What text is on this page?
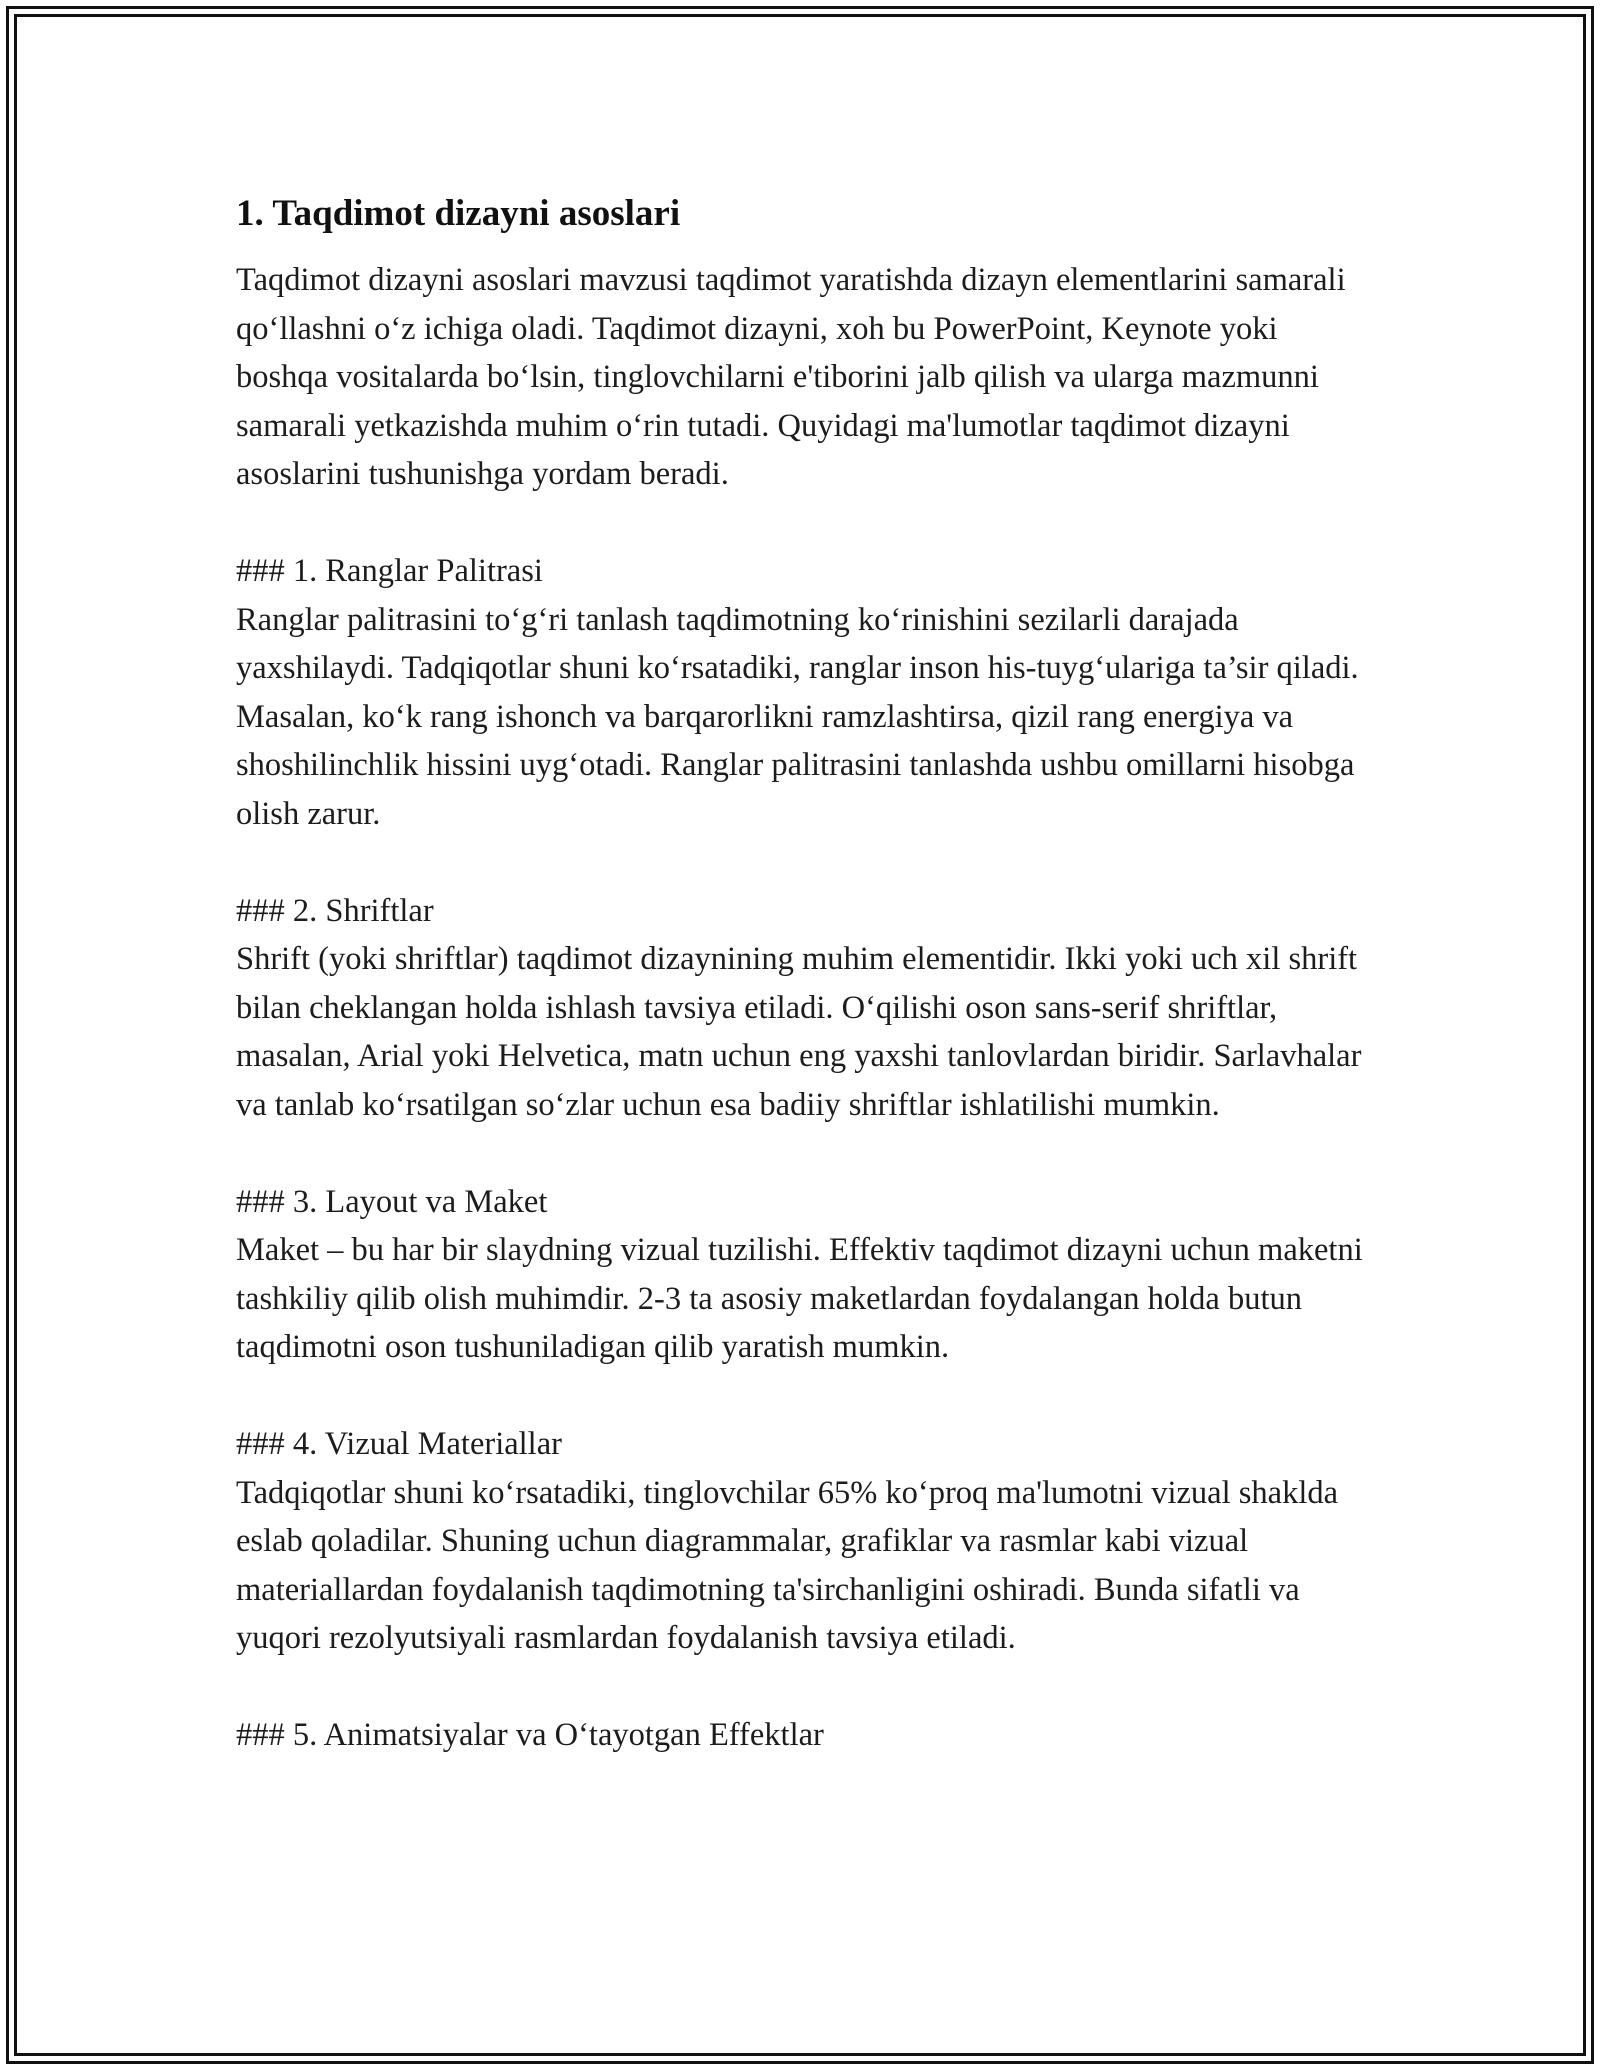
1. Taqdimot dizayni asoslari

Taqdimot dizayni asoslari mavzusi taqdimot yaratishda dizayn elementlarini samarali qo‘llashni o‘z ichiga oladi. Taqdimot dizayni, xoh bu PowerPoint, Keynote yoki boshqa vositalarda bo‘lsin, tinglovchilarni e'tiborini jalb qilish va ularga mazmunni samarali yetkazishda muhim o‘rin tutadi. Quyidagi ma'lumotlar taqdimot dizayni asoslarini tushunishga yordam beradi.

### 1. Ranglar Palitrasi

Ranglar palitrasini to‘g‘ri tanlash taqdimotning ko‘rinishini sezilarli darajada yaxshilaydi. Tadqiqotlar shuni ko‘rsatadiki, ranglar inson his-tuyg‘ulariga ta’sir qiladi. Masalan, ko‘k rang ishonch va barqarorlikni ramzlashtirsa, qizil rang energiya va shoshilinchlik hissini uyg‘otadi. Ranglar palitrasini tanlashda ushbu omillarni hisobga olish zarur.

### 2. Shriftlar

Shrift (yoki shriftlar) taqdimot dizaynining muhim elementidir. Ikki yoki uch xil shrift bilan cheklangan holda ishlash tavsiya etiladi. O‘qilishi oson sans-serif shriftlar, masalan, Arial yoki Helvetica, matn uchun eng yaxshi tanlovlardan biridir. Sarlavhalar va tanlab ko‘rsatilgan so‘zlar uchun esa badiiy shriftlar ishlatilishi mumkin.

### 3. Layout va Maket

Maket – bu har bir slaydning vizual tuzilishi. Effektiv taqdimot dizayni uchun maketni tashkiliy qilib olish muhimdir. 2-3 ta asosiy maketlardan foydalangan holda butun taqdimotni oson tushuniladigan qilib yaratish mumkin.

### 4. Vizual Materiallar

Tadqiqotlar shuni ko‘rsatadiki, tinglovchilar 65% ko‘proq ma'lumotni vizual shaklda eslab qoladilar. Shuning uchun diagrammalar, grafiklar va rasmlar kabi vizual materiallardan foydalanish taqdimotning ta'sirchanligini oshiradi. Bunda sifatli va yuqori rezolyutsiyali rasmlardan foydalanish tavsiya etiladi.

### 5. Animatsiyalar va O‘tayotgan Effektlar
